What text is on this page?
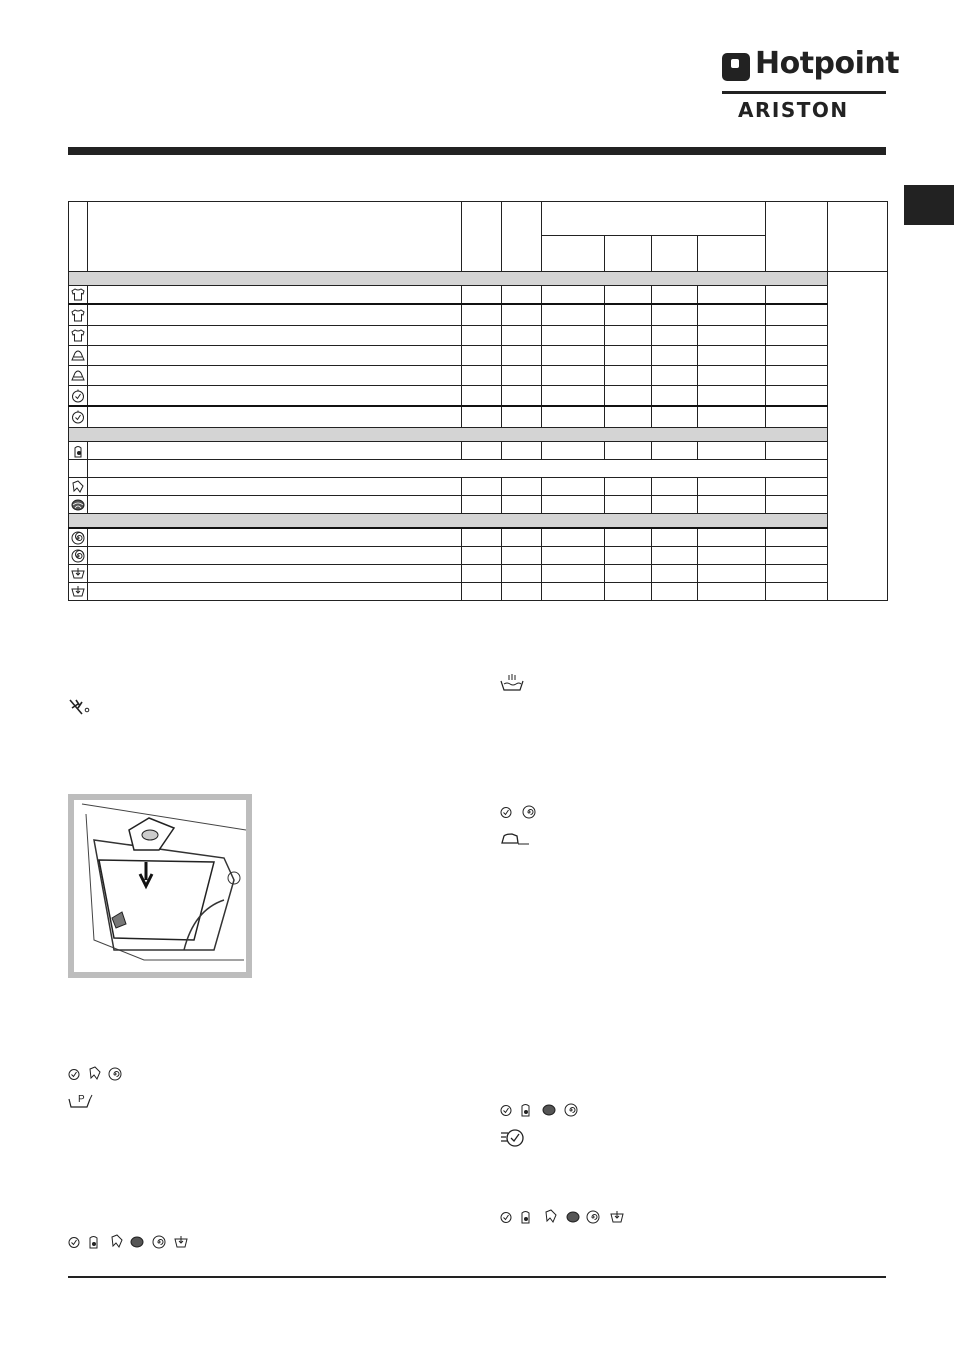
Hotpoint
ARISTON

P
